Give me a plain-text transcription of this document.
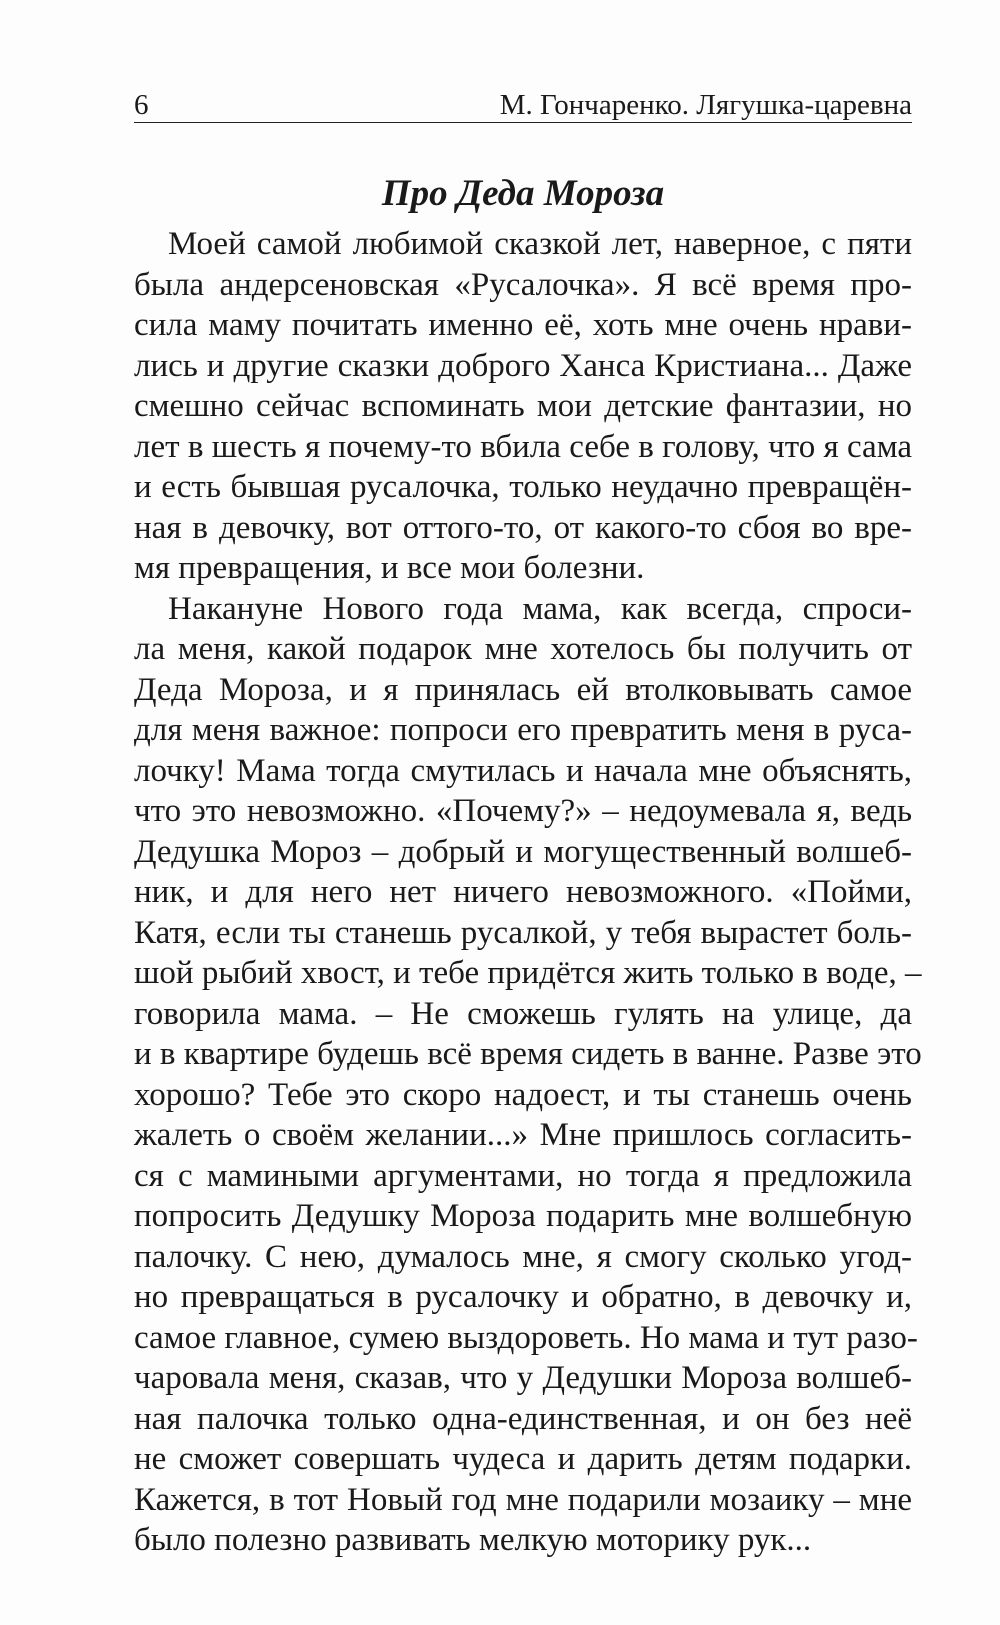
6	М. Гончаренко. Лягушка-царевна
Про Деда Мороза
Моей самой любимой сказкой лет, наверное, с пяти
была андерсеновская «Русалочка». Я всё время про-
сила маму почитать именно её, хоть мне очень нрави-
лись и другие сказки доброго Ханса Кристиана... Даже
смешно сейчас вспоминать мои детские фантазии, но
лет в шесть я почему-то вбила себе в голову, что я сама
и есть бывшая русалочка, только неудачно превращён-
ная в девочку, вот оттого-то, от какого-то сбоя во вре-
мя превращения, и все мои болезни.
Накануне Нового года мама, как всегда, спроси-
ла меня, какой подарок мне хотелось бы получить от
Деда Мороза, и я принялась ей втолковывать самое
для меня важное: попроси его превратить меня в руса-
лочку! Мама тогда смутилась и начала мне объяснять,
что это невозможно. «Почему?» – недоумевала я, ведь
Дедушка Мороз – добрый и могущественный волшеб-
ник, и для него нет ничего невозможного. «Пойми,
Катя, если ты станешь русалкой, у тебя вырастет боль-
шой рыбий хвост, и тебе придётся жить только в воде, –
говорила мама. – Не сможешь гулять на улице, да
и в квартире будешь всё время сидеть в ванне. Разве это
хорошо? Тебе это скоро надоест, и ты станешь очень
жалеть о своём желании...» Мне пришлось согласить-
ся с мамиными аргументами, но тогда я предложила
попросить Дедушку Мороза подарить мне волшебную
палочку. С нею, думалось мне, я смогу сколько угод-
но превращаться в русалочку и обратно, в девочку и,
самое главное, сумею выздороветь. Но мама и тут разо-
чаровала меня, сказав, что у Дедушки Мороза волшеб-
ная палочка только одна-единственная, и он без неё
не сможет совершать чудеса и дарить детям подарки.
Кажется, в тот Новый год мне подарили мозаику – мне
было полезно развивать мелкую моторику рук...
